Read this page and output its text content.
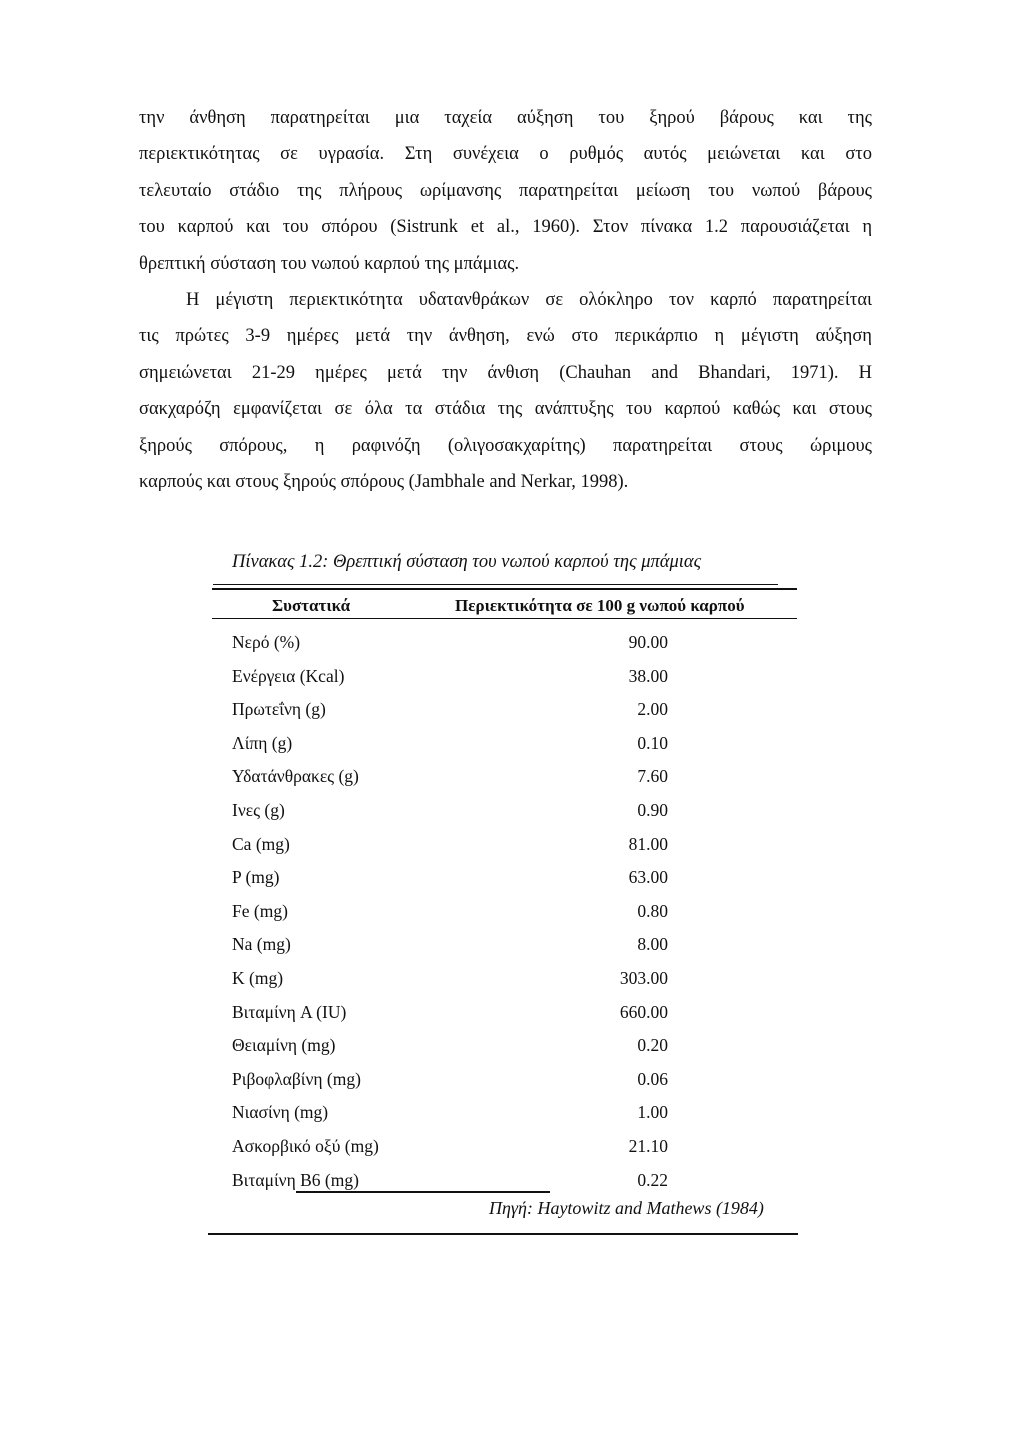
την άνθηση παρατηρείται μια ταχεία αύξηση του ξηρού βάρους και της
περιεκτικότητας σε υγρασία. Στη συνέχεια ο ρυθμός αυτός μειώνεται και στο
τελευταίο στάδιο της πλήρους ωρίμανσης παρατηρείται μείωση του νωπού βάρους
του καρπού και του σπόρου (Sistrunk et al., 1960). Στον πίνακα 1.2 παρουσιάζεται η
θρεπτική σύσταση του νωπού καρπού της μπάμιας.
Η μέγιστη περιεκτικότητα υδατανθράκων σε ολόκληρο τον καρπό παρατηρείται
τις πρώτες 3-9 ημέρες μετά την άνθηση, ενώ στο περικάρπιο η μέγιστη αύξηση
σημειώνεται 21-29 ημέρες μετά την άνθιση (Chauhan and Bhandari, 1971). Η
σακχαρόζη εμφανίζεται σε όλα τα στάδια της ανάπτυξης του καρπού καθώς και στους
ξηρούς σπόρους, η ραφινόζη (ολιγοσακχαρίτης) παρατηρείται στους ώριμους
καρπούς και στους ξηρούς σπόρους (Jambhale and Nerkar, 1998).
Πίνακας 1.2: Θρεπτική σύσταση του νωπού καρπού της μπάμιας
Συστατικά	Περιεκτικότητα σε 100 g νωπού καρπού
Νερό (%)	90.00
Ενέργεια (Kcal)	38.00
Πρωτεΐνη (g)	2.00
Λίπη (g)	0.10
Υδατάνθρακες (g)	7.60
Ινες (g)	0.90
Ca (mg)	81.00
P (mg)	63.00
Fe (mg)	0.80
Na (mg)	8.00
K (mg)	303.00
Βιταμίνη A (IU)	660.00
Θειαμίνη (mg)	0.20
Ριβοφλαβίνη (mg)	0.06
Νιασίνη (mg)	1.00
Ασκορβικό οξύ (mg)	21.10
Βιταμίνη B6 (mg)	0.22
Πηγή: Haytowitz and Mathews (1984)
